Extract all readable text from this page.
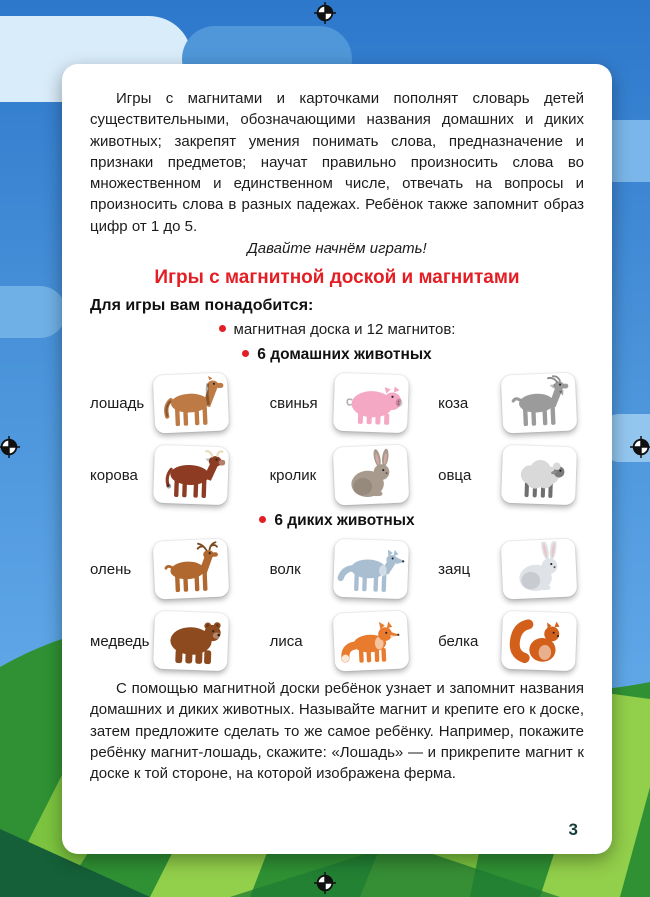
Игры с магнитами и карточками пополнят словарь детей существительными, обозначающими названия домашних и диких животных; закрепят умения понимать слова, предназначение и признаки предметов; научат правильно произносить слова во множественном и единственном числе, отвечать на вопросы и произносить слова в разных падежах. Ребёнок также запомнит образ цифр от 1 до 5.

Давайте начнём играть!

Игры с магнитной доской и магнитами

Для игры вам понадобится:

магнитная доска и 12 магнитов:

6 домашних животных
лошадь	свинья	коза
корова	кролик	овца
6 диких животных
олень	волк	заяц
медведь	лиса	белка

С помощью магнитной доски ребёнок узнает и запомнит названия домашних и диких животных. Называйте магнит и крепите его к доске, затем предложите сделать то же самое ребёнку. Например, покажите ребёнку магнит-лошадь, скажите: «Лошадь» — и прикрепите магнит к доске к той стороне, на которой изображена ферма.

3
